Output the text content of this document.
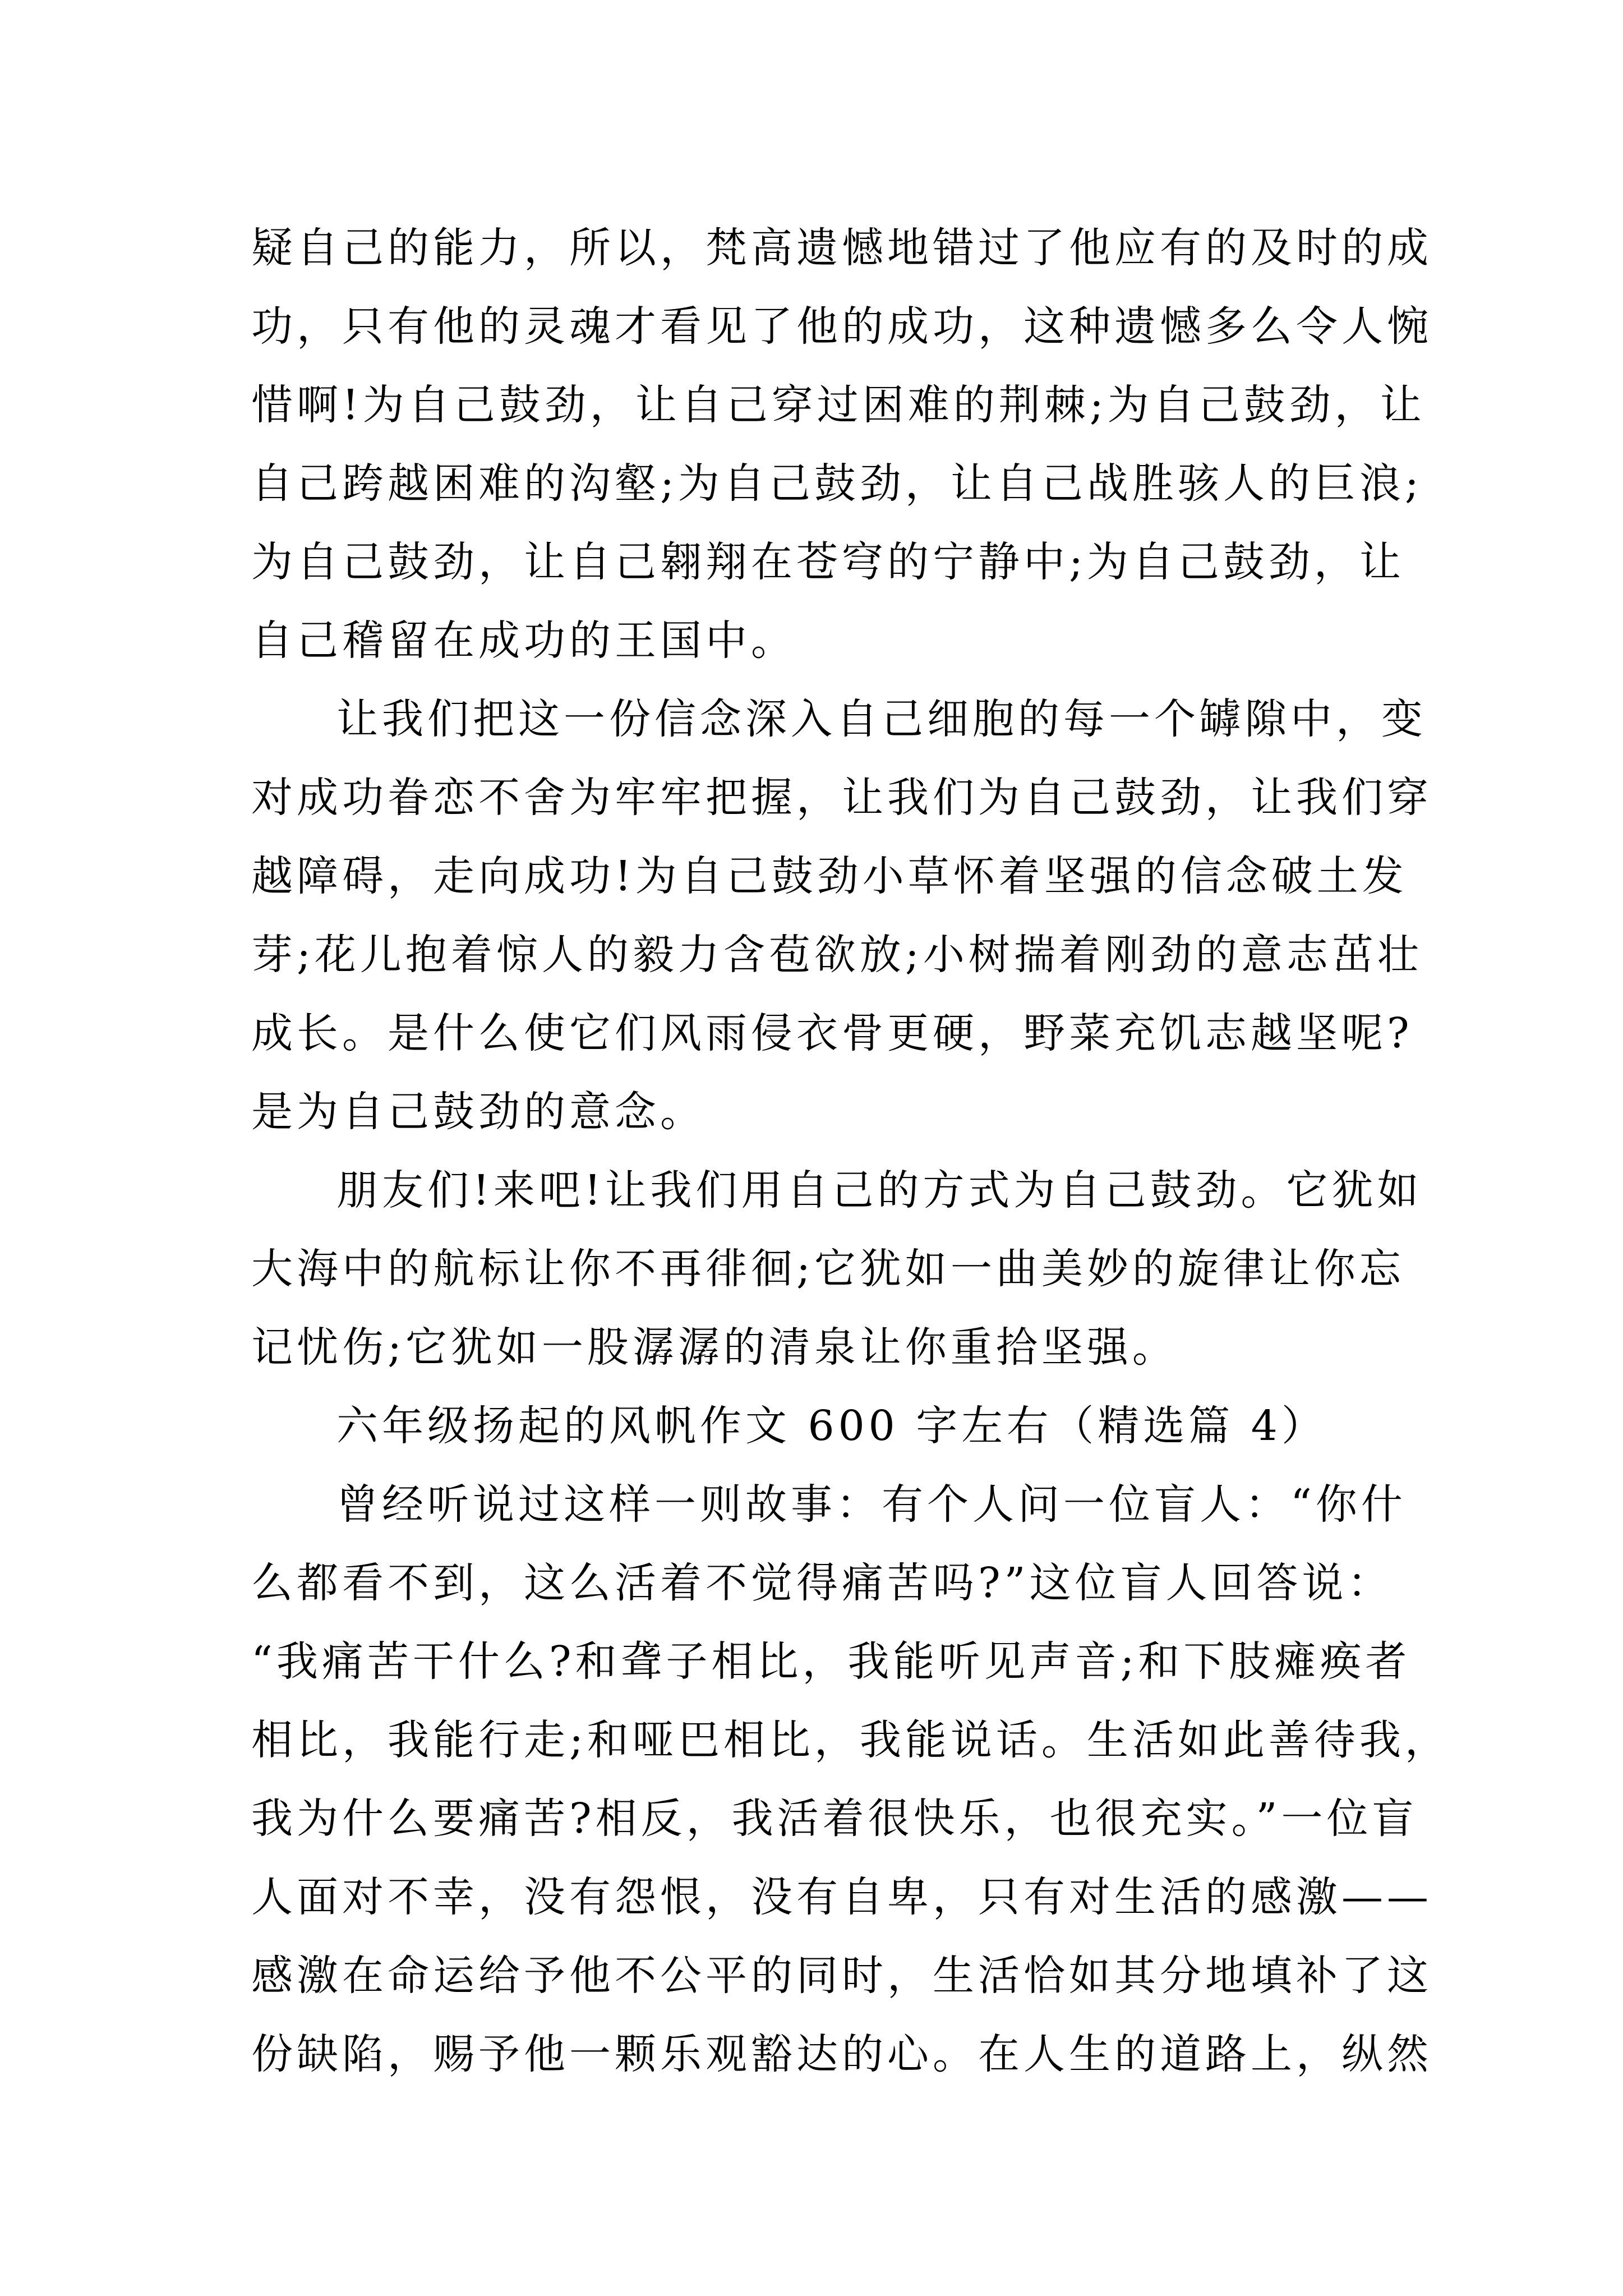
疑自己的能力，所以，梵高遗憾地错过了他应有的及时的成
功，只有他的灵魂才看见了他的成功，这种遗憾多么令人惋
惜啊!为自己鼓劲，让自己穿过困难的荆棘;为自己鼓劲，让
自己跨越困难的沟壑;为自己鼓劲，让自己战胜骇人的巨浪;
为自己鼓劲，让自己翱翔在苍穹的宁静中;为自己鼓劲，让
自己稽留在成功的王国中。
让我们把这一份信念深入自己细胞的每一个罅隙中，变
对成功眷恋不舍为牢牢把握，让我们为自己鼓劲，让我们穿
越障碍，走向成功!为自己鼓劲小草怀着坚强的信念破土发
芽;花儿抱着惊人的毅力含苞欲放;小树揣着刚劲的意志茁壮
成长。是什么使它们风雨侵衣骨更硬，野菜充饥志越坚呢?
是为自己鼓劲的意念。
朋友们!来吧!让我们用自己的方式为自己鼓劲。它犹如
大海中的航标让你不再徘徊;它犹如一曲美妙的旋律让你忘
记忧伤;它犹如一股潺潺的清泉让你重拾坚强。
六年级扬起的风帆作文 600 字左右（精选篇 4）
曾经听说过这样一则故事：有个人问一位盲人：“你什
么都看不到，这么活着不觉得痛苦吗?”这位盲人回答说：
“我痛苦干什么?和聋子相比，我能听见声音;和下肢瘫痪者
相比，我能行走;和哑巴相比，我能说话。生活如此善待我，
我为什么要痛苦?相反，我活着很快乐，也很充实。”一位盲
人面对不幸，没有怨恨，没有自卑，只有对生活的感激——
感激在命运给予他不公平的同时，生活恰如其分地填补了这
份缺陷，赐予他一颗乐观豁达的心。在人生的道路上，纵然
